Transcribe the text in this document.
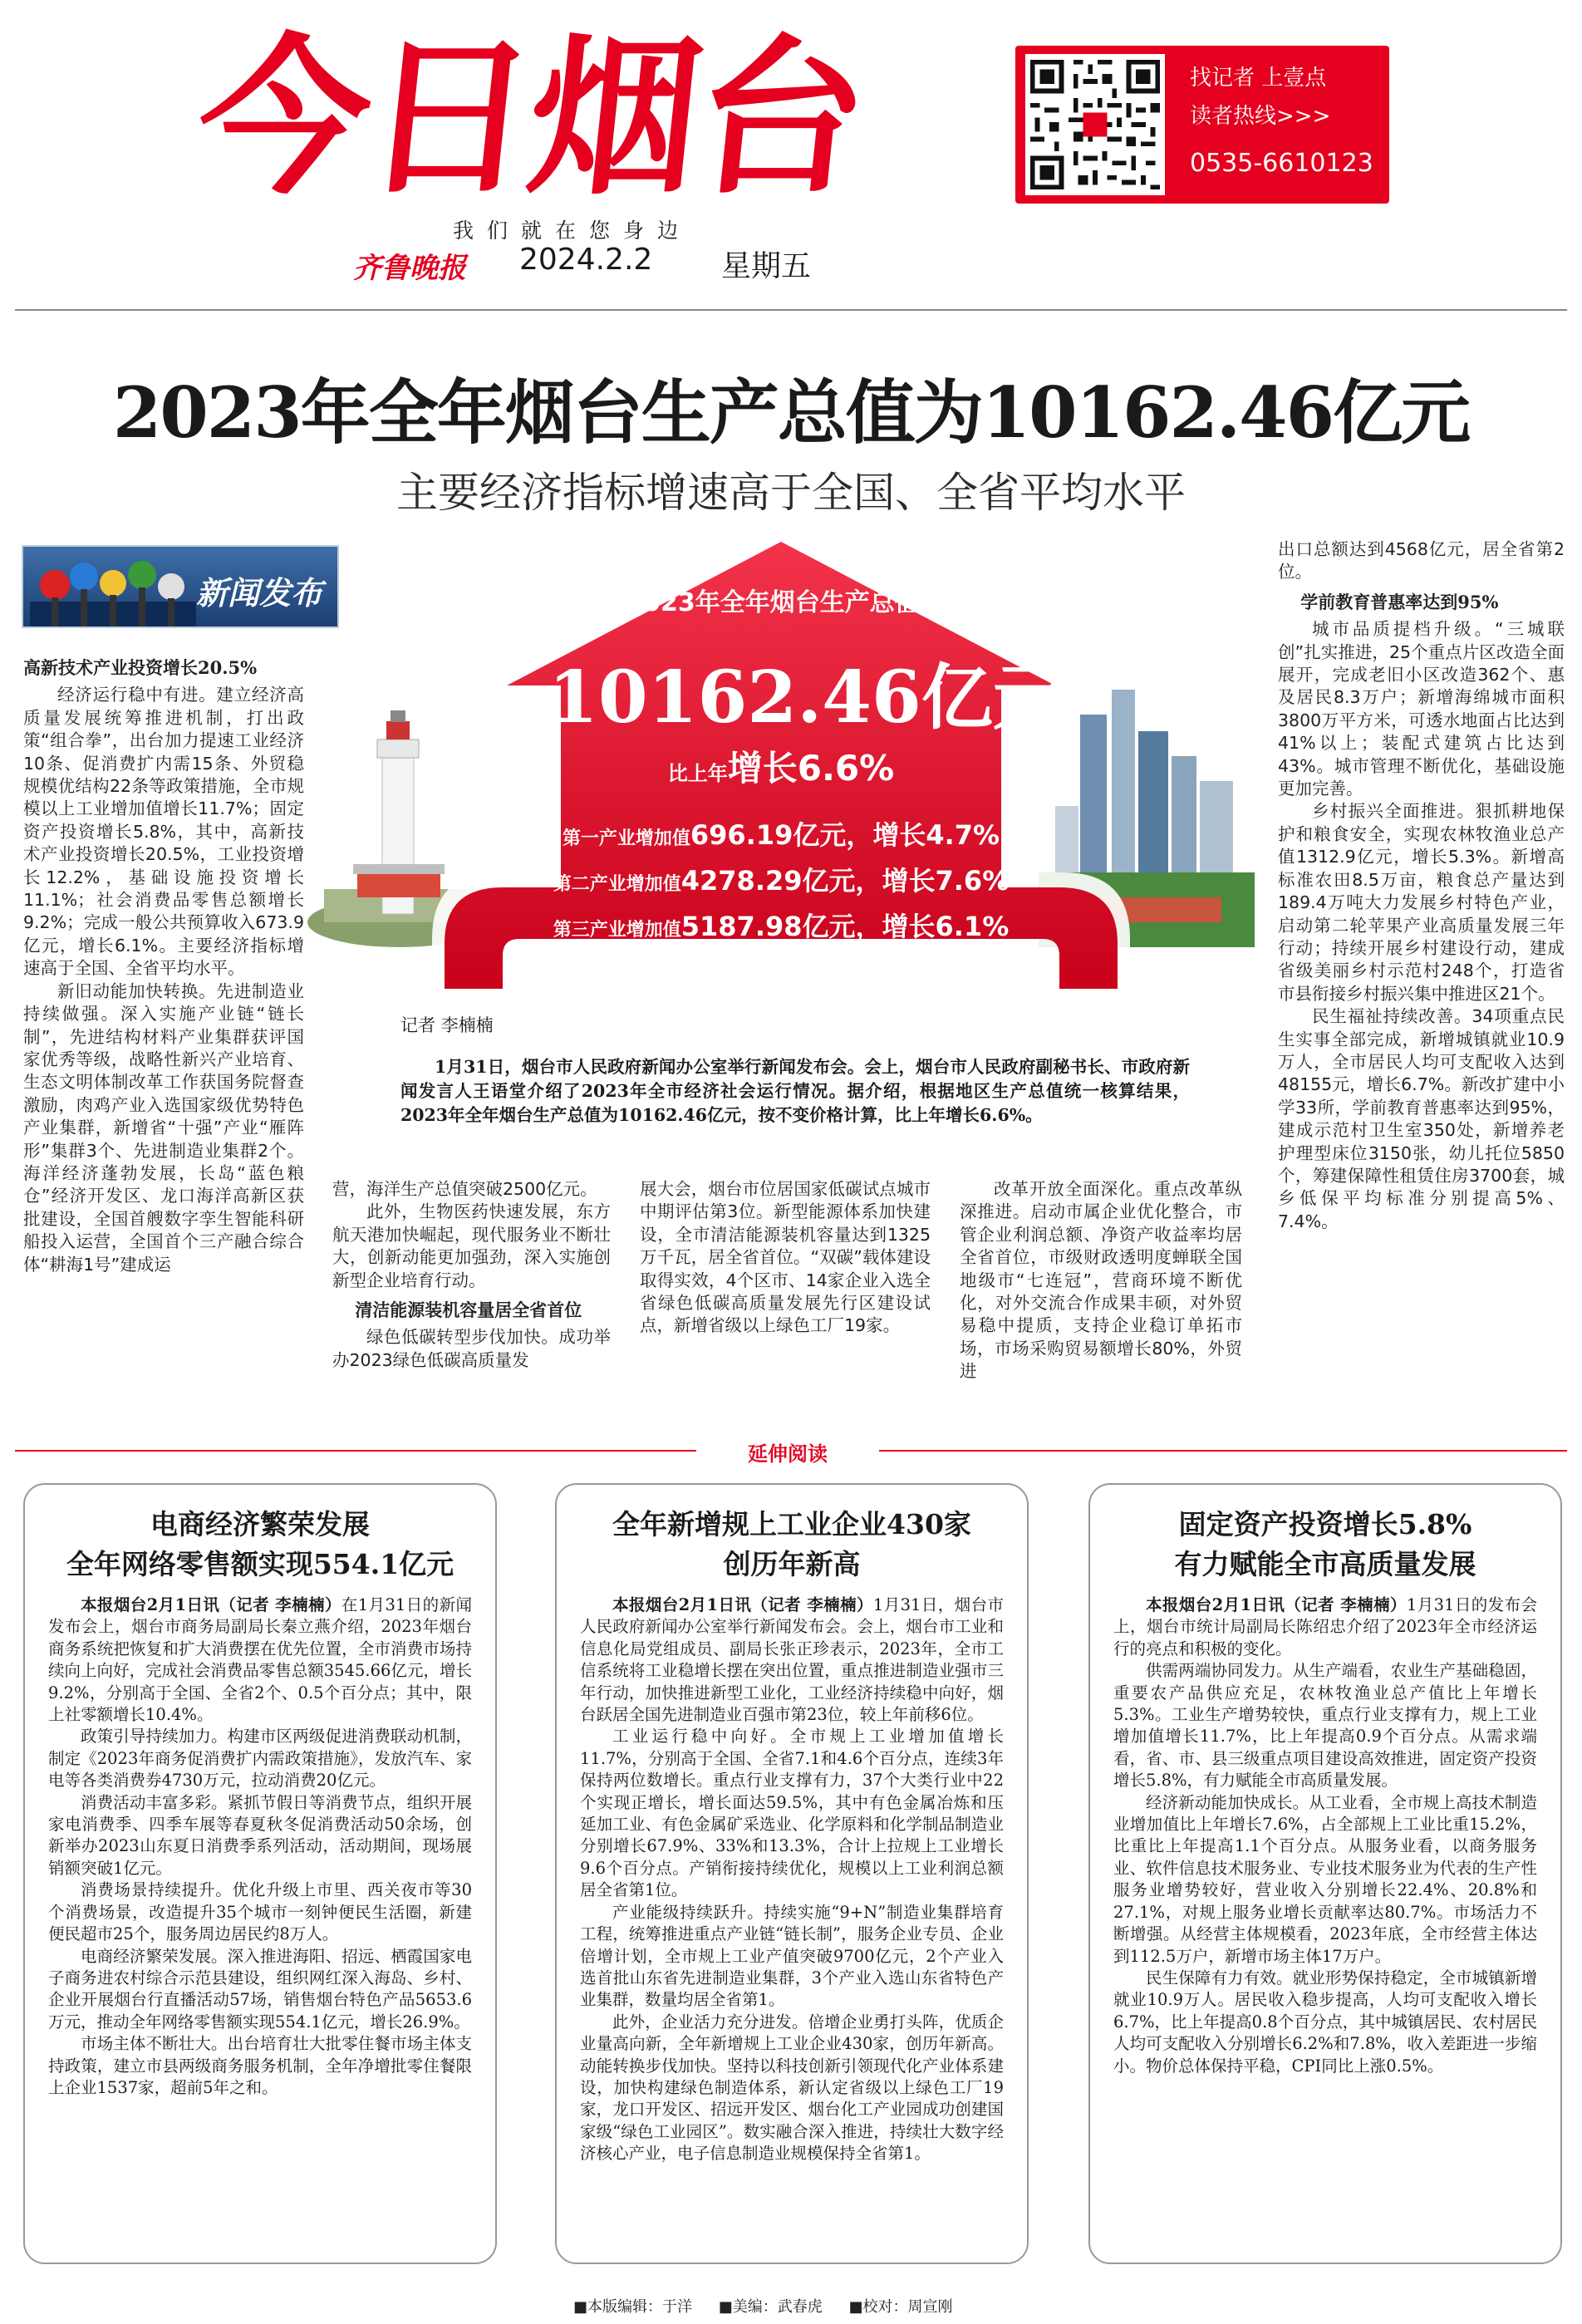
今日烟台
我们就在您身边
齐鲁晚报 2024.2.2 星期五
找记者 上壹点
读者热线>>>
0535-6610123
2023年全年烟台生产总值为10162.46亿元
主要经济指标增速高于全国、全省平均水平
新闻发布	2023年全年烟台生产总值
10162.46亿元
比上年增长6.6%
第一产业增加值696.19亿元，增长4.7%
第二产业增加值4278.29亿元，增长7.6%
第三产业增加值5187.98亿元，增长6.1%
高新技术产业投资增长20.5%

经济运行稳中有进。建立经济高质量发展统筹推进机制，打出政策“组合拳”，出台加力提速工业经济10条、促消费扩内需15条、外贸稳规模优结构22条等政策措施，全市规模以上工业增加值增长11.7%；固定资产投资增长5.8%，其中，高新技术产业投资增长20.5%，工业投资增长12.2%，基础设施投资增长11.1%；社会消费品零售总额增长9.2%；完成一般公共预算收入673.9亿元，增长6.1%。主要经济指标增速高于全国、全省平均水平。

新旧动能加快转换。先进制造业持续做强。深入实施产业链“链长制”，先进结构材料产业集群获评国家优秀等级，战略性新兴产业培育、生态文明体制改革工作获国务院督查激励，肉鸡产业入选国家级优势特色产业集群，新增省“十强”产业“雁阵形”集群3个、先进制造业集群2个。海洋经济蓬勃发展，长岛“蓝色粮仓”经济开发区、龙口海洋高新区获批建设，全国首艘数字孪生智能科研船投入运营，全国首个三产融合综合体“耕海1号”建成运

记者 李楠楠

1月31日，烟台市人民政府新闻办公室举行新闻发布会。会上，烟台市人民政府副秘书长、市政府新闻发言人王语堂介绍了2023年全市经济社会运行情况。据介绍，根据地区生产总值统一核算结果，2023年全年烟台生产总值为10162.46亿元，按不变价格计算，比上年增长6.6%。

营，海洋生产总值突破2500亿元。

此外，生物医药快速发展，东方航天港加快崛起，现代服务业不断壮大，创新动能更加强劲，深入实施创新型企业培育行动。

清洁能源装机容量居全省首位

绿色低碳转型步伐加快。成功举办2023绿色低碳高质量发

展大会，烟台市位居国家低碳试点城市中期评估第3位。新型能源体系加快建设，全市清洁能源装机容量达到1325万千瓦，居全省首位。“双碳”载体建设取得实效，4个区市、14家企业入选全省绿色低碳高质量发展先行区建设试点，新增省级以上绿色工厂19家。

改革开放全面深化。重点改革纵深推进。启动市属企业优化整合，市管企业利润总额、净资产收益率均居全省首位，市级财政透明度蝉联全国地级市“七连冠”，营商环境不断优化，对外交流合作成果丰硕，对外贸易稳中提质，支持企业稳订单拓市场，市场采购贸易额增长80%，外贸进

出口总额达到4568亿元，居全省第2位。

学前教育普惠率达到95%

城市品质提档升级。“三城联创”扎实推进，25个重点片区改造全面展开，完成老旧小区改造362个、惠及居民8.3万户；新增海绵城市面积3800万平方米，可透水地面占比达到41%以上；装配式建筑占比达到43%。城市管理不断优化，基础设施更加完善。

乡村振兴全面推进。狠抓耕地保护和粮食安全，实现农林牧渔业总产值1312.9亿元，增长5.3%。新增高标准农田8.5万亩，粮食总产量达到189.4万吨大力发展乡村特色产业，启动第二轮苹果产业高质量发展三年行动；持续开展乡村建设行动，建成省级美丽乡村示范村248个，打造省市县衔接乡村振兴集中推进区21个。

民生福祉持续改善。34项重点民生实事全部完成，新增城镇就业10.9万人，全市居民人均可支配收入达到48155元，增长6.7%。新改扩建中小学33所，学前教育普惠率达到95%，建成示范村卫生室350处，新增养老护理型床位3150张，幼儿托位5850个，筹建保障性租赁住房3700套，城乡低保平均标准分别提高5%、7.4%。

延伸阅读
电商经济繁荣发展
全年网络零售额实现554.1亿元

本报烟台2月1日讯（记者 李楠楠）在1月31日的新闻发布会上，烟台市商务局副局长秦立燕介绍，2023年烟台商务系统把恢复和扩大消费摆在优先位置，全市消费市场持续向上向好，完成社会消费品零售总额3545.66亿元，增长9.2%，分别高于全国、全省2个、0.5个百分点；其中，限上社零额增长10.4%。

政策引导持续加力。构建市区两级促进消费联动机制，制定《2023年商务促消费扩内需政策措施》，发放汽车、家电等各类消费券4730万元，拉动消费20亿元。

消费活动丰富多彩。紧抓节假日等消费节点，组织开展家电消费季、四季车展等春夏秋冬促消费活动50余场，创新举办2023山东夏日消费季系列活动，活动期间，现场展销额突破1亿元。

消费场景持续提升。优化升级上市里、西关夜市等30个消费场景，改造提升35个城市一刻钟便民生活圈，新建便民超市25个，服务周边居民约8万人。

电商经济繁荣发展。深入推进海阳、招远、栖霞国家电子商务进农村综合示范县建设，组织网红深入海岛、乡村、企业开展烟台行直播活动57场，销售烟台特色产品5653.6万元，推动全年网络零售额实现554.1亿元，增长26.9%。

市场主体不断壮大。出台培育壮大批零住餐市场主体支持政策，建立市县两级商务服务机制，全年净增批零住餐限上企业1537家，超前5年之和。

全年新增规上工业企业430家
创历年新高

本报烟台2月1日讯（记者 李楠楠）1月31日，烟台市人民政府新闻办公室举行新闻发布会。会上，烟台市工业和信息化局党组成员、副局长张正珍表示，2023年，全市工信系统将工业稳增长摆在突出位置，重点推进制造业强市三年行动，加快推进新型工业化，工业经济持续稳中向好，烟台跃居全国先进制造业百强市第23位，较上年前移6位。

工业运行稳中向好。全市规上工业增加值增长11.7%，分别高于全国、全省7.1和4.6个百分点，连续3年保持两位数增长。重点行业支撑有力，37个大类行业中22个实现正增长，增长面达59.5%，其中有色金属冶炼和压延加工业、有色金属矿采选业、化学原料和化学制品制造业分别增长67.9%、33%和13.3%，合计上拉规上工业增长9.6个百分点。产销衔接持续优化，规模以上工业利润总额居全省第1位。

产业能级持续跃升。持续实施“9+N”制造业集群培育工程，统筹推进重点产业链“链长制”，服务企业专员、企业倍增计划，全市规上工业产值突破9700亿元，2个产业入选首批山东省先进制造业集群，3个产业入选山东省特色产业集群，数量均居全省第1。

此外，企业活力充分进发。倍增企业勇打头阵，优质企业量高向新，全年新增规上工业企业430家，创历年新高。动能转换步伐加快。坚持以科技创新引领现代化产业体系建设，加快构建绿色制造体系，新认定省级以上绿色工厂19家，龙口开发区、招远开发区、烟台化工产业园成功创建国家级“绿色工业园区”。数实融合深入推进，持续壮大数字经济核心产业，电子信息制造业规模保持全省第1。

固定资产投资增长5.8%
有力赋能全市高质量发展

本报烟台2月1日讯（记者 李楠楠）1月31日的发布会上，烟台市统计局副局长陈绍忠介绍了2023年全市经济运行的亮点和积极的变化。

供需两端协同发力。从生产端看，农业生产基础稳固，重要农产品供应充足，农林牧渔业总产值比上年增长5.3%。工业生产增势较快，重点行业支撑有力，规上工业增加值增长11.7%，比上年提高0.9个百分点。从需求端看，省、市、县三级重点项目建设高效推进，固定资产投资增长5.8%，有力赋能全市高质量发展。

经济新动能加快成长。从工业看，全市规上高技术制造业增加值比上年增长7.6%，占全部规上工业比重15.2%，比重比上年提高1.1个百分点。从服务业看，以商务服务业、软件信息技术服务业、专业技术服务业为代表的生产性服务业增势较好，营业收入分别增长22.4%、20.8%和27.1%，对规上服务业增长贡献率达80.7%。市场活力不断增强。从经营主体规模看，2023年底，全市经营主体达到112.5万户，新增市场主体17万户。

民生保障有力有效。就业形势保持稳定，全市城镇新增就业10.9万人。居民收入稳步提高，人均可支配收入增长6.7%，比上年提高0.8个百分点，其中城镇居民、农村居民人均可支配收入分别增长6.2%和7.8%，收入差距进一步缩小。物价总体保持平稳，CPI同比上涨0.5%。

■本版编辑：于洋 ■美编：武春虎 ■校对：周宣刚
